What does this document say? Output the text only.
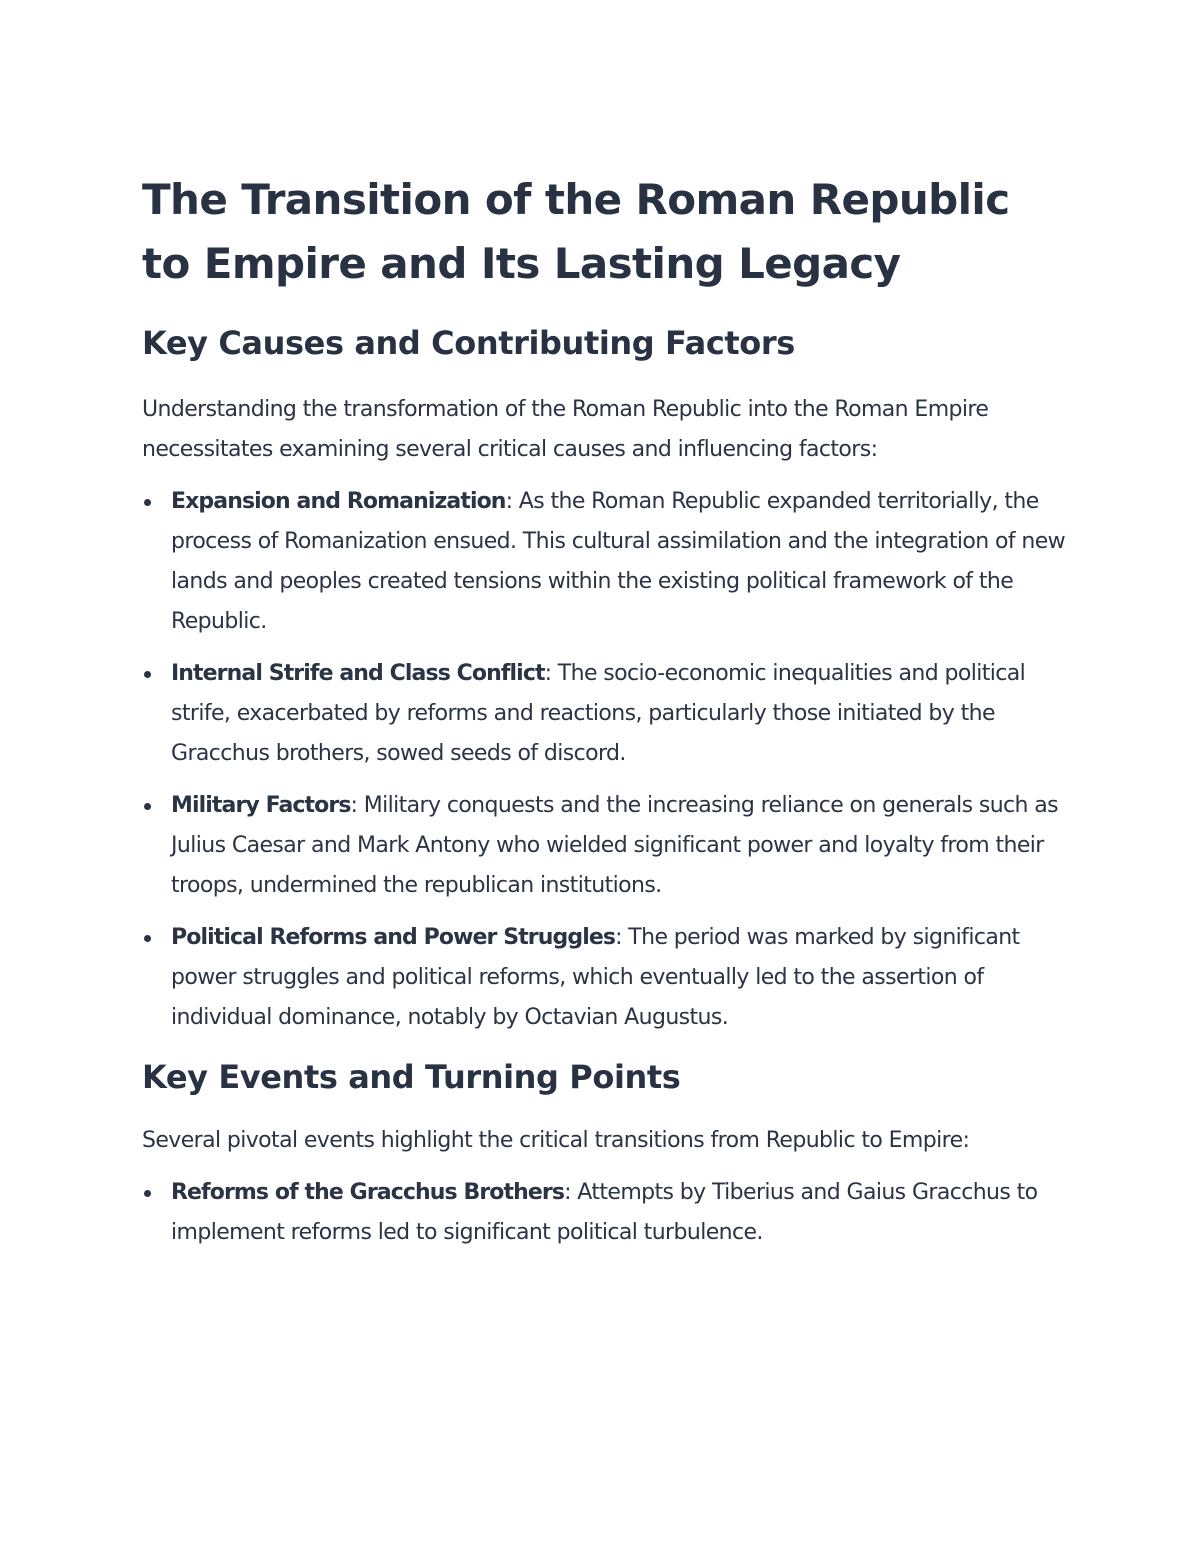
The Transition of the Roman Republic to Empire and Its Lasting Legacy
Key Causes and Contributing Factors

Understanding the transformation of the Roman Republic into the Roman Empire necessitates examining several critical causes and influencing factors:

Expansion and Romanization: As the Roman Republic expanded territorially, the process of Romanization ensued. This cultural assimilation and the integration of new lands and peoples created tensions within the existing political framework of the Republic.
Internal Strife and Class Conflict: The socio-economic inequalities and political strife, exacerbated by reforms and reactions, particularly those initiated by the Gracchus brothers, sowed seeds of discord.
Military Factors: Military conquests and the increasing reliance on generals such as Julius Caesar and Mark Antony who wielded significant power and loyalty from their troops, undermined the republican institutions.
Political Reforms and Power Struggles: The period was marked by significant power struggles and political reforms, which eventually led to the assertion of individual dominance, notably by Octavian Augustus.
Key Events and Turning Points

Several pivotal events highlight the critical transitions from Republic to Empire:

Reforms of the Gracchus Brothers: Attempts by Tiberius and Gaius Gracchus to implement reforms led to significant political turbulence.
